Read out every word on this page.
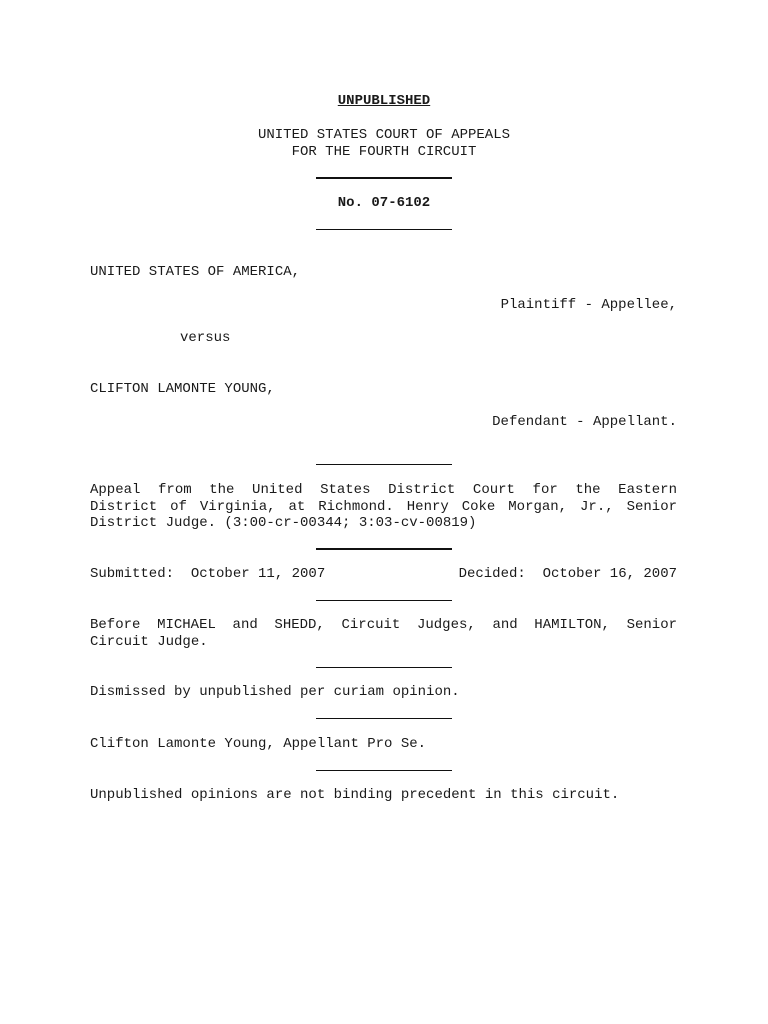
UNPUBLISHED
UNITED STATES COURT OF APPEALS
FOR THE FOURTH CIRCUIT
No. 07-6102
UNITED STATES OF AMERICA,
Plaintiff - Appellee,
versus
CLIFTON LAMONTE YOUNG,
Defendant - Appellant.
Appeal from the United States District Court for the Eastern
District of Virginia, at Richmond. Henry Coke Morgan, Jr., Senior
District Judge. (3:00-cr-00344; 3:03-cv-00819)
Submitted:  October 11, 2007	Decided:  October 16, 2007
Before MICHAEL and SHEDD, Circuit Judges, and HAMILTON, Senior
Circuit Judge.
Dismissed by unpublished per curiam opinion.
Clifton Lamonte Young, Appellant Pro Se.
Unpublished opinions are not binding precedent in this circuit.
